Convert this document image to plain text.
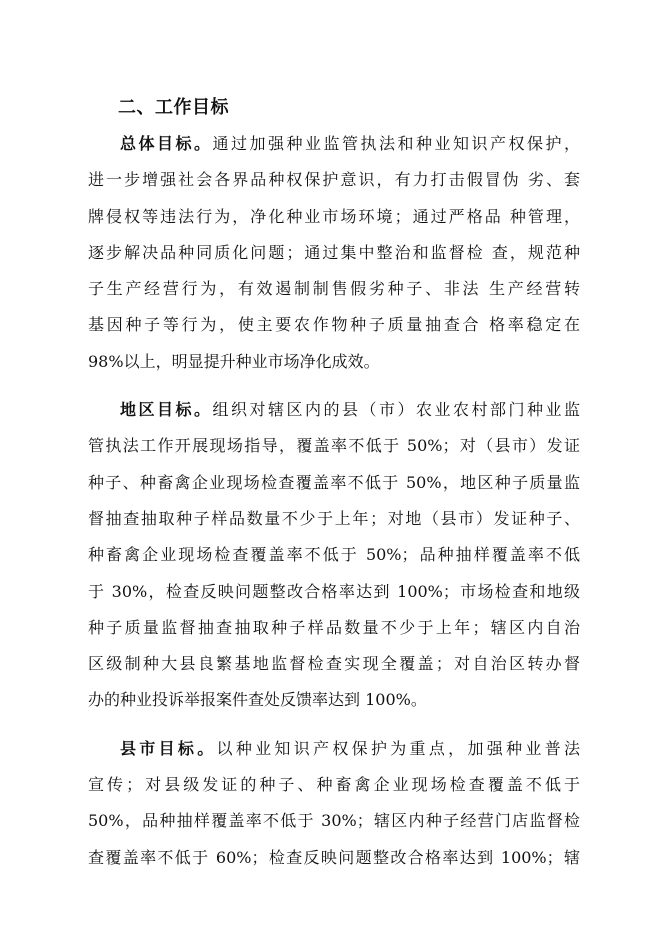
二、工作目标
总体目标。通过加强种业监管执法和种业知识产权保护，
进一步增强社会各界品种权保护意识，有力打击假冒伪 劣、套
牌侵权等违法行为，净化种业市场环境；通过严格品 种管理，
逐步解决品种同质化问题；通过集中整治和监督检 查，规范种
子生产经营行为，有效遏制制售假劣种子、非法 生产经营转
基因种子等行为，使主要农作物种子质量抽查合 格率稳定在
98%以上，明显提升种业市场净化成效。
地区目标。组织对辖区内的县（市）农业农村部门种业监
管执法工作开展现场指导，覆盖率不低于 50%；对（县市）发证
种子、种畜禽企业现场检查覆盖率不低于 50%，地区种子质量监
督抽查抽取种子样品数量不少于上年；对地（县市）发证种子、
种畜禽企业现场检查覆盖率不低于 50%；品种抽样覆盖率不低
于 30%，检查反映问题整改合格率达到 100%；市场检查和地级
种子质量监督抽查抽取种子样品数量不少于上年；辖区内自治
区级制种大县良繁基地监督检查实现全覆盖；对自治区转办督
办的种业投诉举报案件查处反馈率达到 100%。
县市目标。以种业知识产权保护为重点，加强种业普法
宣传；对县级发证的种子、种畜禽企业现场检查覆盖不低于
50%，品种抽样覆盖率不低于 30%；辖区内种子经营门店监督检
查覆盖率不低于 60%；检查反映问题整改合格率达到 100%；辖
